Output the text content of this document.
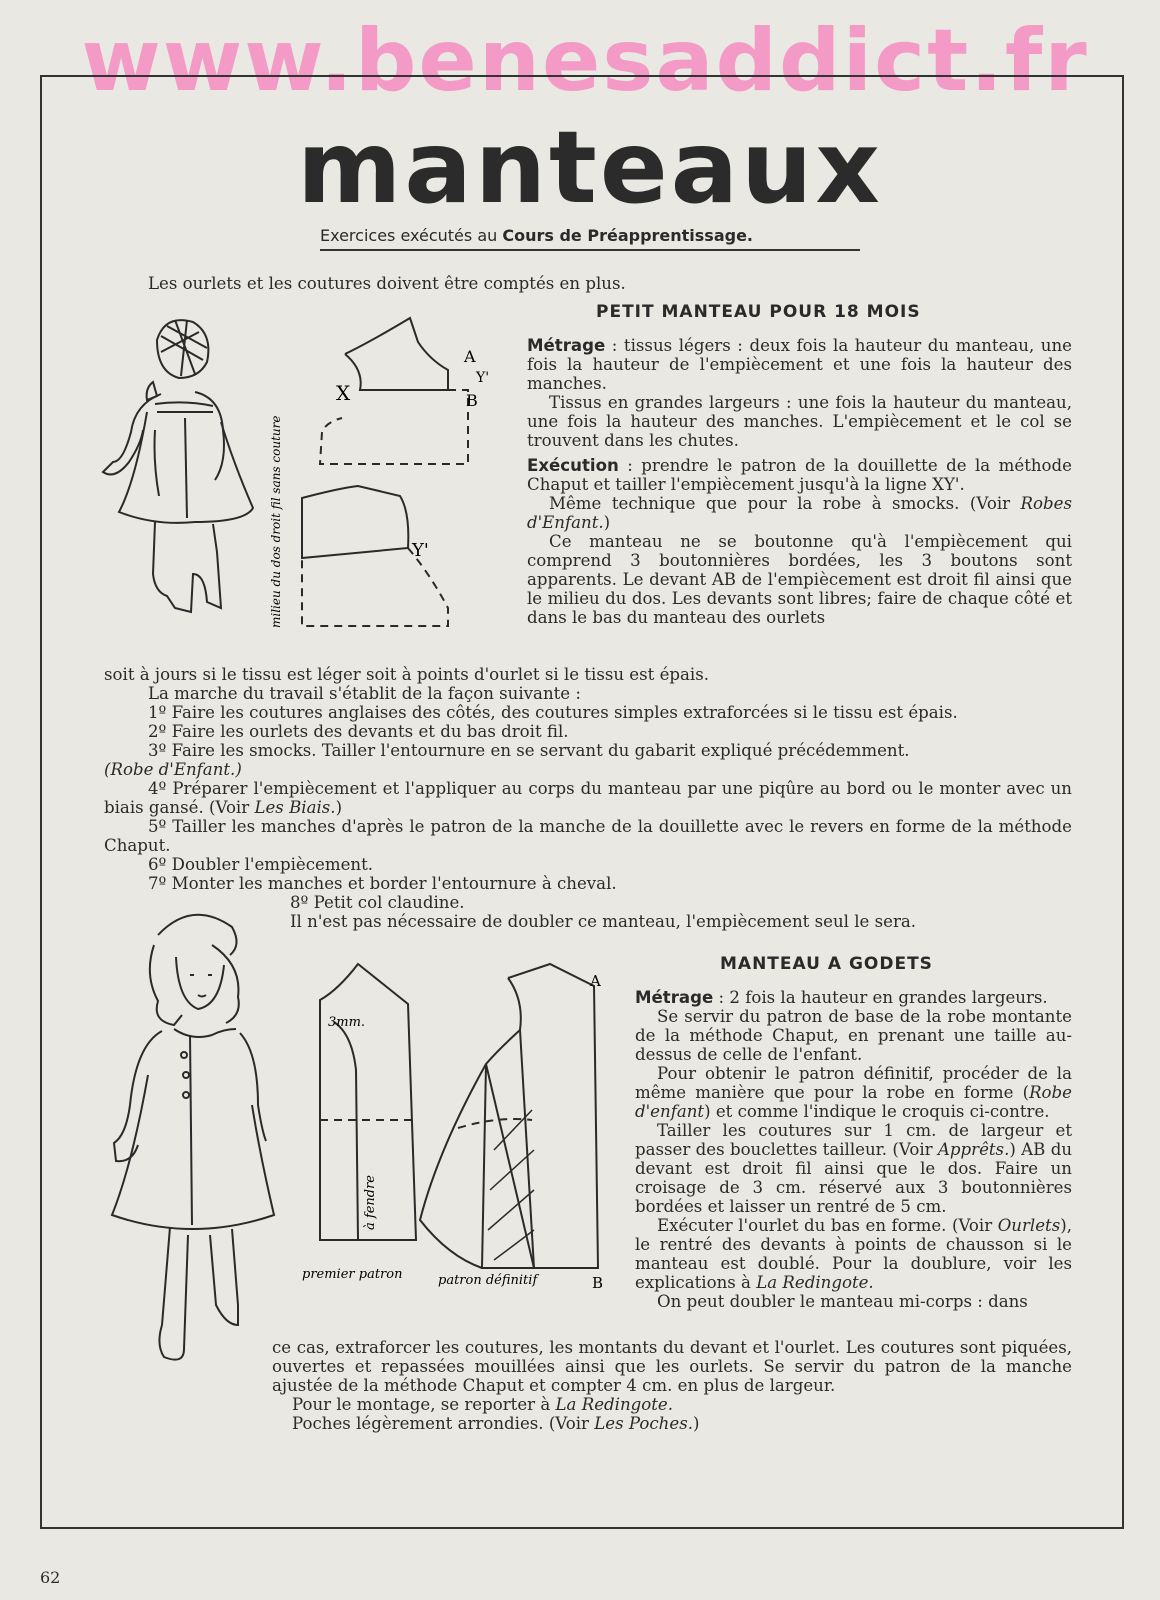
www.benesaddict.fr
manteaux
Exercices exécutés au Cours de Préapprentissage.
Les ourlets et les coutures doivent être comptés en plus.
PETIT MANTEAU POUR 18 MOIS
A
Y'
B
X
Y'
milieu du dos droit fil sans couture

Métrage : tissus légers : deux fois la hauteur du manteau, une fois la hauteur de l'empiècement et une fois la hauteur des manches.

Tissus en grandes largeurs : une fois la hauteur du manteau, une fois la hauteur des manches. L'empiècement et le col se trouvent dans les chutes.

Exécution : prendre le patron de la douillette de la méthode Chaput et tailler l'empiècement jusqu'à la ligne XY'.

Même technique que pour la robe à smocks. (Voir Robes d'Enfant.)

Ce manteau ne se boutonne qu'à l'empiècement qui comprend 3 boutonnières bordées, les 3 boutons sont apparents. Le devant AB de l'empiècement est droit fil ainsi que le milieu du dos. Les devants sont libres; faire de chaque côté et dans le bas du manteau des ourlets

soit à jours si le tissu est léger soit à points d'ourlet si le tissu est épais.

La marche du travail s'établit de la façon suivante :

1º Faire les coutures anglaises des côtés, des coutures simples extraforcées si le tissu est épais.

2º Faire les ourlets des devants et du bas droit fil.

3º Faire les smocks. Tailler l'entournure en se servant du gabarit expliqué précédemment.

(Robe d'Enfant.)

4º Préparer l'empiècement et l'appliquer au corps du manteau par une piqûre au bord ou le monter avec un biais gansé. (Voir Les Biais.)

5º Tailler les manches d'après le patron de la manche de la douillette avec le revers en forme de la méthode Chaput.

6º Doubler l'empiècement.

7º Monter les manches et border l'entournure à cheval.

8º Petit col claudine.

Il n'est pas nécessaire de doubler ce manteau, l'empiècement seul le sera.

MANTEAU A GODETS
3mm.
A
B
à fendre
premier patron	patron définitif

Métrage : 2 fois la hauteur en grandes largeurs.

Se servir du patron de base de la robe montante de la méthode Chaput, en prenant une taille au-dessus de celle de l'enfant.

Pour obtenir le patron définitif, procéder de la même manière que pour la robe en forme (Robe d'enfant) et comme l'indique le croquis ci-contre.

Tailler les coutures sur 1 cm. de largeur et passer des bouclettes tailleur. (Voir Apprêts.) AB du devant est droit fil ainsi que le dos. Faire un croisage de 3 cm. réservé aux 3 boutonnières bordées et laisser un rentré de 5 cm.

Exécuter l'ourlet du bas en forme. (Voir Ourlets), le rentré des devants à points de chausson si le manteau est doublé. Pour la doublure, voir les explications à La Redingote.

On peut doubler le manteau mi-corps : dans

ce cas, extraforcer les coutures, les montants du devant et l'ourlet. Les coutures sont piquées, ouvertes et repassées mouillées ainsi que les ourlets. Se servir du patron de la manche ajustée de la méthode Chaput et compter 4 cm. en plus de largeur.

Pour le montage, se reporter à La Redingote.

Poches légèrement arrondies. (Voir Les Poches.)

62
